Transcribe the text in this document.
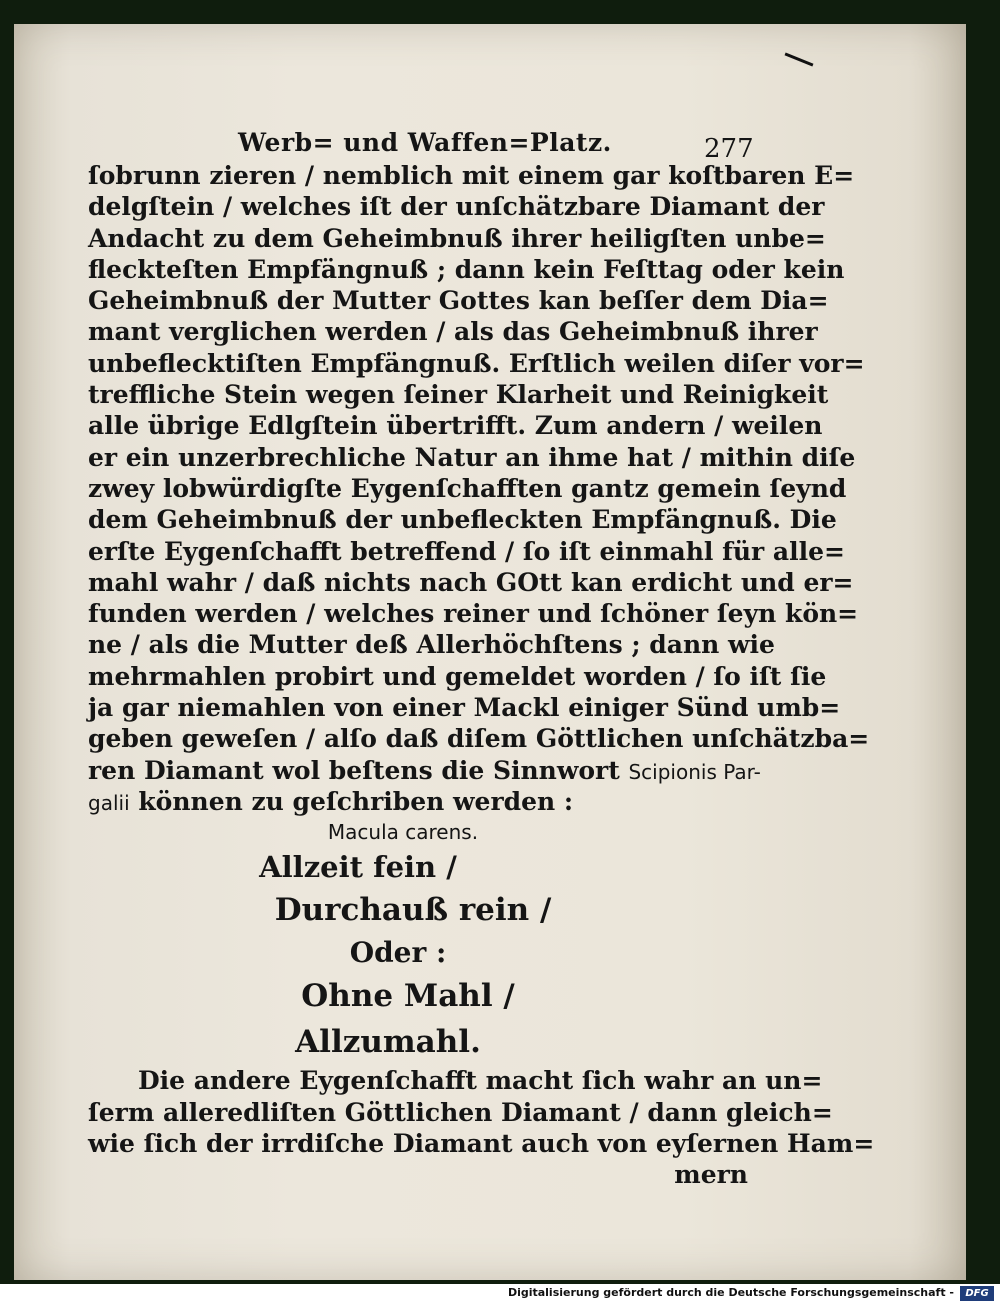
Werb= und Waffen=Platz.	277
ſobrunn zieren / nemblich mit einem gar koſtbaren E=
delgſtein / welches iſt der unſchätzbare Diamant der
Andacht zu dem Geheimbnuß ihrer heiligſten unbe=
fleckteſten Empfängnuß ; dann kein Feſttag oder kein
Geheimbnuß der Mutter Gottes kan beſſer dem Dia=
mant verglichen werden / als das Geheimbnuß ihrer
unbeflecktiſten Empfängnuß. Erſtlich weilen diſer vor=
treffliche Stein wegen ſeiner Klarheit und Reinigkeit
alle übrige Edlgſtein übertrifft. Zum andern / weilen
er ein unzerbrechliche Natur an ihme hat / mithin diſe
zwey lobwürdigſte Eygenſchafften gantz gemein ſeynd
dem Geheimbnuß der unbefleckten Empfängnuß. Die
erſte Eygenſchafft betreffend / ſo iſt einmahl für alle=
mahl wahr / daß nichts nach GOtt kan erdicht und er=
funden werden / welches reiner und ſchöner ſeyn kön=
ne / als die Mutter deß Allerhöchſtens ; dann wie
mehrmahlen probirt und gemeldet worden / ſo iſt ſie
ja gar niemahlen von einer Mackl einiger Sünd umb=
geben geweſen / alſo daß diſem Göttlichen unſchätzba=
ren Diamant wol beſtens die Sinnwort Scipionis Par-
galii können zu geſchriben werden :
Macula carens.
Allzeit fein /
Durchauß rein /
Oder :
Ohne Mahl /
Allzumahl.
Die andere Eygenſchafft macht ſich wahr an un=
ſerm alleredliſten Göttlichen Diamant / dann gleich=
wie ſich der irrdiſche Diamant auch von eyſernen Ham=
mern
Digitalisierung gefördert durch die Deutsche Forschungsgemeinschaft -	DFG
